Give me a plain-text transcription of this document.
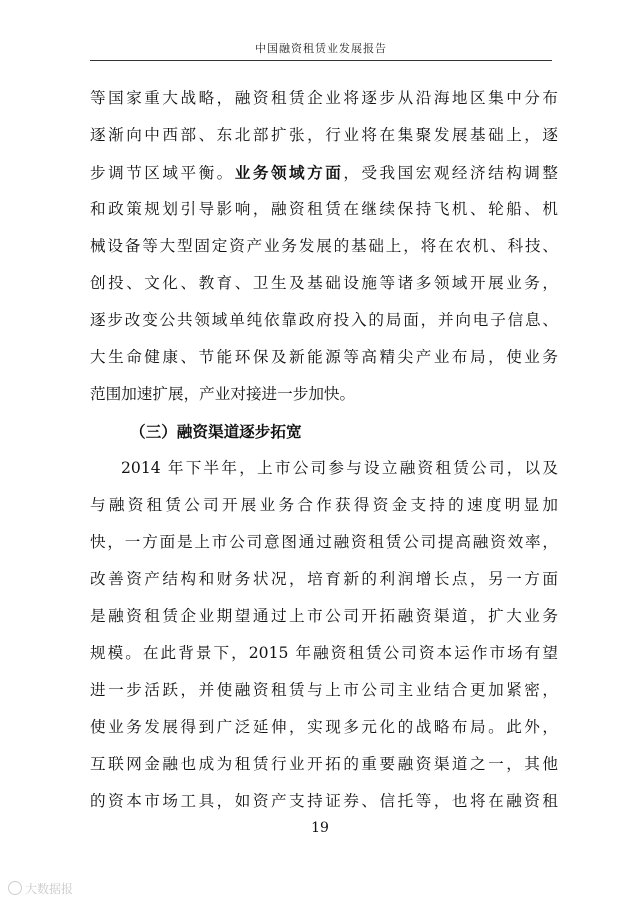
中国融资租赁业发展报告
等国家重大战略，融资租赁企业将逐步从沿海地区集中分布
逐渐向中西部、东北部扩张，行业将在集聚发展基础上，逐
步调节区域平衡。业务领域方面，受我国宏观经济结构调整
和政策规划引导影响，融资租赁在继续保持飞机、轮船、机
械设备等大型固定资产业务发展的基础上，将在农机、科技、
创投、文化、教育、卫生及基础设施等诸多领域开展业务，
逐步改变公共领域单纯依靠政府投入的局面，并向电子信息、
大生命健康、节能环保及新能源等高精尖产业布局，使业务
范围加速扩展，产业对接进一步加快。
（三）融资渠道逐步拓宽
2014 年下半年，上市公司参与设立融资租赁公司，以及
与融资租赁公司开展业务合作获得资金支持的速度明显加
快，一方面是上市公司意图通过融资租赁公司提高融资效率，
改善资产结构和财务状况，培育新的利润增长点，另一方面
是融资租赁企业期望通过上市公司开拓融资渠道，扩大业务
规模。在此背景下，2015 年融资租赁公司资本运作市场有望
进一步活跃，并使融资租赁与上市公司主业结合更加紧密，
使业务发展得到广泛延伸，实现多元化的战略布局。此外，
互联网金融也成为租赁行业开拓的重要融资渠道之一，其他
的资本市场工具，如资产支持证券、信托等，也将在融资租
19
大数据报
